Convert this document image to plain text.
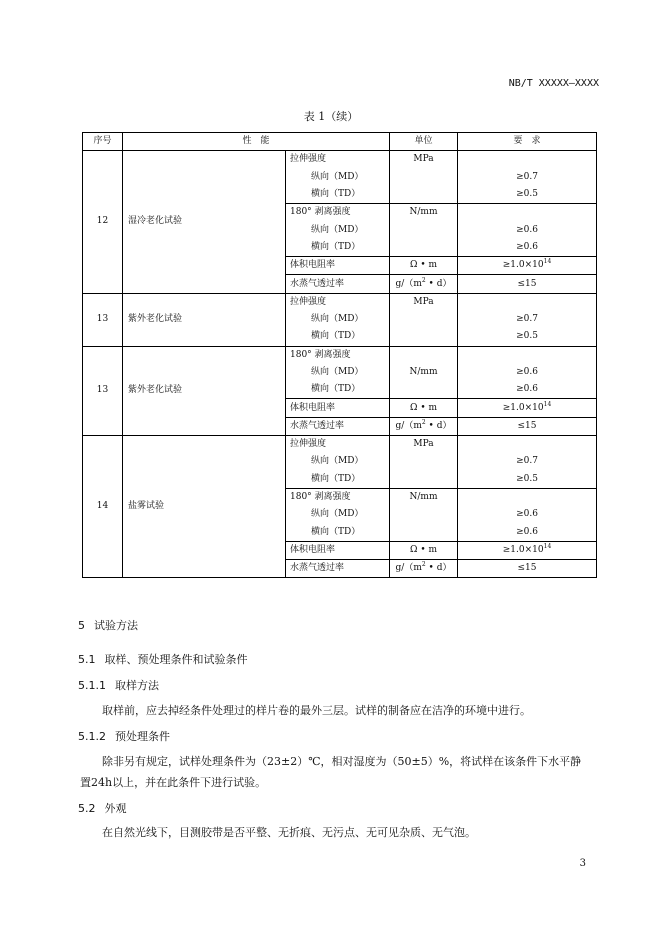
NB/T XXXXX—XXXX
表 1（续）
序号	性　能		单位	要　求
12	湿冷老化试验	拉伸强度	MPa	
		纵向（MD）		≥0.7
		横向（TD）		≥0.5
		180° 剥离强度	N/mm	
		纵向（MD）		≥0.6
		横向（TD）		≥0.6
		体积电阻率	Ω • m	$\ge 1.0\times 10^{14}$
		水蒸气透过率	$g/(m^2$ • d）	≤15
13	紫外老化试验	拉伸强度	MPa	
		纵向（MD）		≥0.7
		横向（TD）		≥0.5
13	紫外老化试验	180° 剥离强度	N/mm	
		纵向（MD）		≥0.6
		横向（TD）		≥0.6
		体积电阻率	Ω • m	$\ge 1.0\times 10^{14}$
		水蒸气透过率	$g/(m^2$ • d）	≤15
14	盐雾试验	拉伸强度	MPa	
		纵向（MD）		≥0.7
		横向（TD）		≥0.5
		180° 剥离强度	N/mm	
		纵向（MD）		≥0.6
		横向（TD）		≥0.6
		体积电阻率	Ω • m	$\ge 1.0\times 10^{14}$
		水蒸气透过率	$g/(m^2$ • d）	≤15
5 试验方法
5.1 取样、预处理条件和试验条件
5.1.1 取样方法
取样前，应去掉经条件处理过的样片卷的最外三层。试样的制备应在洁净的环境中进行。
5.1.2 预处理条件
除非另有规定，试样处理条件为（23±2）℃，相对湿度为（50±5）%，将试样在该条件下水平静
置24h以上，并在此条件下进行试验。
5.2 外观
在自然光线下，目测胶带是否平整、无折痕、无污点、无可见杂质、无气泡。
3
